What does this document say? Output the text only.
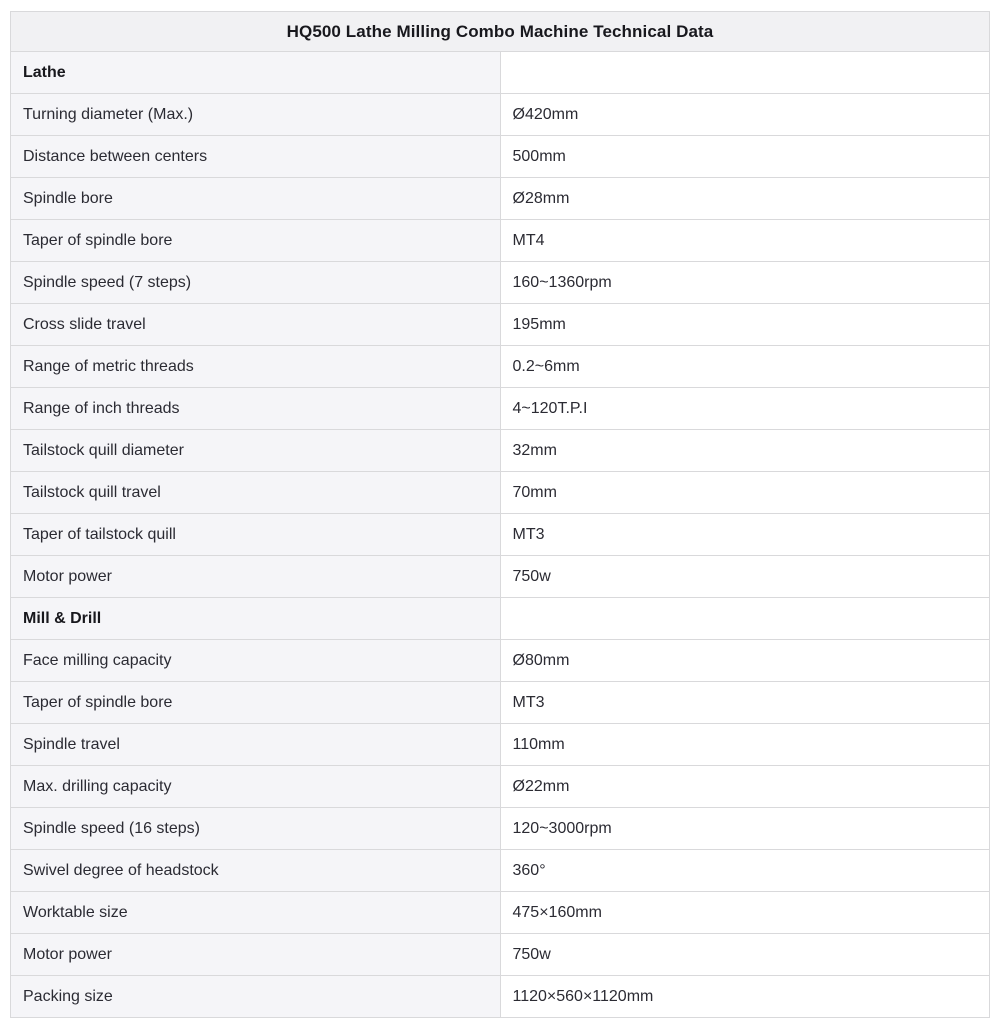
HQ500 Lathe Milling Combo Machine Technical Data	
Lathe	
Turning diameter (Max.)	Ø420mm
Distance between centers	500mm
Spindle bore	Ø28mm
Taper of spindle bore	MT4
Spindle speed (7 steps)	160~1360rpm
Cross slide travel	195mm
Range of metric threads	0.2~6mm
Range of inch threads	4~120T.P.I
Tailstock quill diameter	32mm
Tailstock quill travel	70mm
Taper of tailstock quill	MT3
Motor power	750w
Mill & Drill	
Face milling capacity	Ø80mm
Taper of spindle bore	MT3
Spindle travel	110mm
Max. drilling capacity	Ø22mm
Spindle speed (16 steps)	120~3000rpm
Swivel degree of headstock	360°
Worktable size	475×160mm
Motor power	750w
Packing size	1120×560×1120mm
